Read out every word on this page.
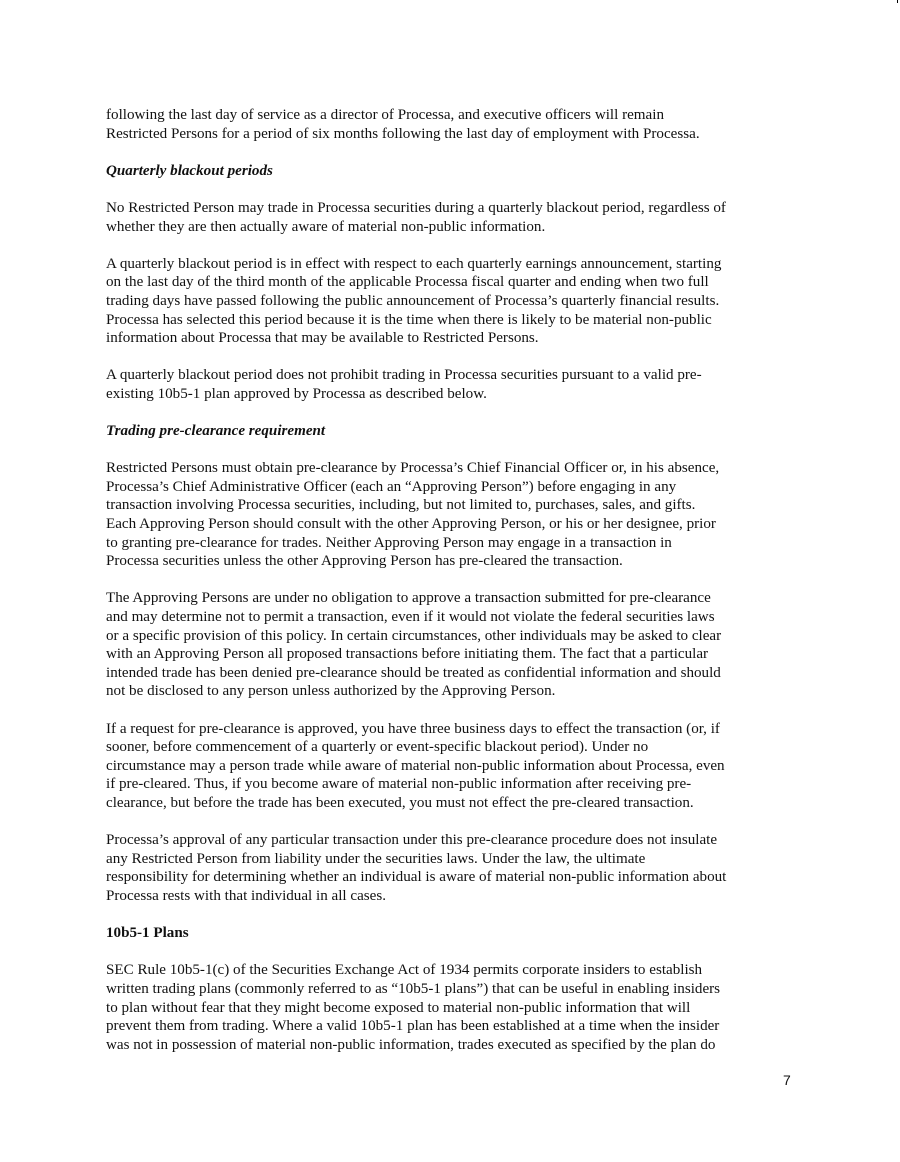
following the last day of service as a director of Processa, and executive officers will remain
Restricted Persons for a period of six months following the last day of employment with Processa.

Quarterly blackout periods

No Restricted Person may trade in Processa securities during a quarterly blackout period, regardless of
whether they are then actually aware of material non-public information.

A quarterly blackout period is in effect with respect to each quarterly earnings announcement, starting
on the last day of the third month of the applicable Processa fiscal quarter and ending when two full
trading days have passed following the public announcement of Processa’s quarterly financial results.
Processa has selected this period because it is the time when there is likely to be material non-public
information about Processa that may be available to Restricted Persons.

A quarterly blackout period does not prohibit trading in Processa securities pursuant to a valid pre-
existing 10b5-1 plan approved by Processa as described below.

Trading pre-clearance requirement

Restricted Persons must obtain pre-clearance by Processa’s Chief Financial Officer or, in his absence,
Processa’s Chief Administrative Officer (each an “Approving Person”) before engaging in any
transaction involving Processa securities, including, but not limited to, purchases, sales, and gifts.
Each Approving Person should consult with the other Approving Person, or his or her designee, prior
to granting pre-clearance for trades. Neither Approving Person may engage in a transaction in
Processa securities unless the other Approving Person has pre-cleared the transaction.

The Approving Persons are under no obligation to approve a transaction submitted for pre-clearance
and may determine not to permit a transaction, even if it would not violate the federal securities laws
or a specific provision of this policy. In certain circumstances, other individuals may be asked to clear
with an Approving Person all proposed transactions before initiating them. The fact that a particular
intended trade has been denied pre-clearance should be treated as confidential information and should
not be disclosed to any person unless authorized by the Approving Person.

If a request for pre-clearance is approved, you have three business days to effect the transaction (or, if
sooner, before commencement of a quarterly or event-specific blackout period). Under no
circumstance may a person trade while aware of material non-public information about Processa, even
if pre-cleared. Thus, if you become aware of material non-public information after receiving pre-
clearance, but before the trade has been executed, you must not effect the pre-cleared transaction.

Processa’s approval of any particular transaction under this pre-clearance procedure does not insulate
any Restricted Person from liability under the securities laws. Under the law, the ultimate
responsibility for determining whether an individual is aware of material non-public information about
Processa rests with that individual in all cases.

10b5-1 Plans

SEC Rule 10b5-1(c) of the Securities Exchange Act of 1934 permits corporate insiders to establish
written trading plans (commonly referred to as “10b5-1 plans”) that can be useful in enabling insiders
to plan without fear that they might become exposed to material non-public information that will
prevent them from trading. Where a valid 10b5-1 plan has been established at a time when the insider
was not in possession of material non-public information, trades executed as specified by the plan do

7
